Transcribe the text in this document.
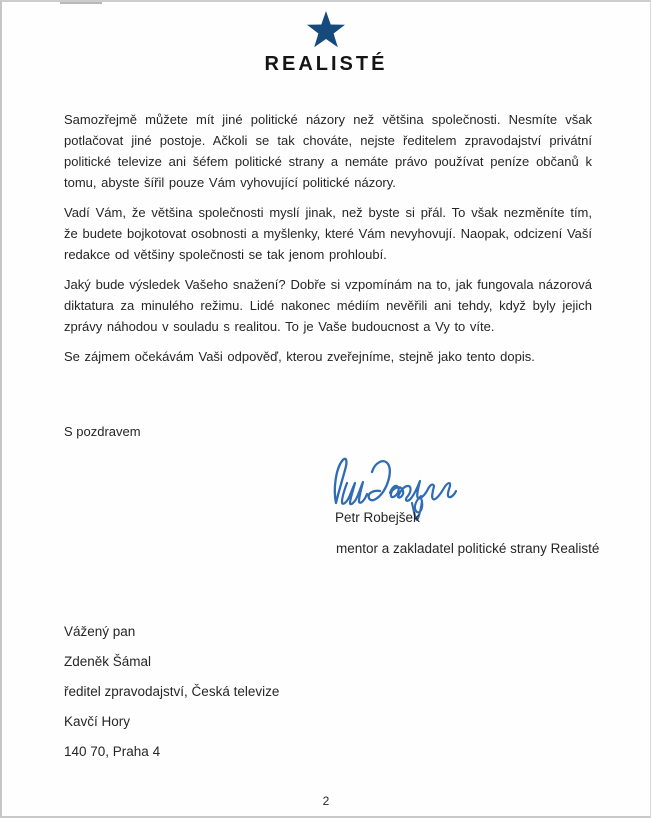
REALISTÉ

Samozřejmě můžete mít jiné politické názory než většina společnosti. Nesmíte však potlačovat jiné postoje. Ačkoli se tak chováte, nejste ředitelem zpravodajství privátní politické televize ani šéfem politické strany a nemáte právo používat peníze občanů k tomu, abyste šířil pouze Vám vyhovující politické názory.

Vadí Vám, že většina společnosti myslí jinak, než byste si přál. To však nezměníte tím, že budete bojkotovat osobnosti a myšlenky, které Vám nevyhovují. Naopak, odcizení Vaší redakce od většiny společnosti se tak jenom prohloubí.

Jaký bude výsledek Vašeho snažení? Dobře si vzpomínám na to, jak fungovala názorová diktatura za minulého režimu. Lidé nakonec médiím nevěřili ani tehdy, když byly jejich zprávy náhodou v souladu s realitou. To je Vaše budoucnost a Vy to víte.

Se zájmem očekávám Vaši odpověď, kterou zveřejníme, stejně jako tento dopis.

S pozdravem
Petr Robejšek
mentor a zakladatel politické strany Realisté
Vážený pan
Zdeněk Šámal
ředitel zpravodajství, Česká televize
Kavčí Hory
140 70, Praha 4
2
